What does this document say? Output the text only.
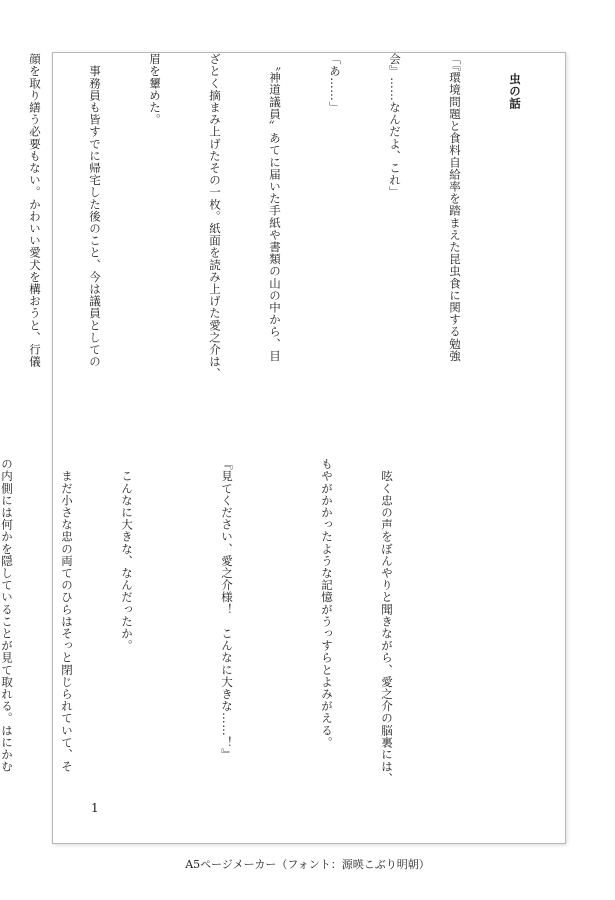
虫の話

「『環境問題と食料自給率を踏まえた昆虫食に関する勉強

会』……なんだよ、これ」

「あ……」

　〝神道議員〟あてに届いた手紙や書類の山の中から、目

ざとく摘まみ上げたその一枚。紙面を読み上げた愛之介は、

眉を顰めた。

　事務員も皆すでに帰宅した後のこと、今は議員としての

顔を取り繕う必要もない。かわいい愛犬を構おうと、行儀

　呟く忠の声をぼんやりと聞きながら、愛之介の脳裏には、

もやがかかったような記憶がうっすらとよみがえる。

『見てください、愛之介様！　こんなに大きな……！』

　こんなに大きな、なんだったか。

　まだ小さな忠の両てのひらはそっと閉じられていて、そ

の内側には何かを隠していることが見て取れる。はにかむ

1
A5ページメーカー（フォント：源暎こぶり明朝）
